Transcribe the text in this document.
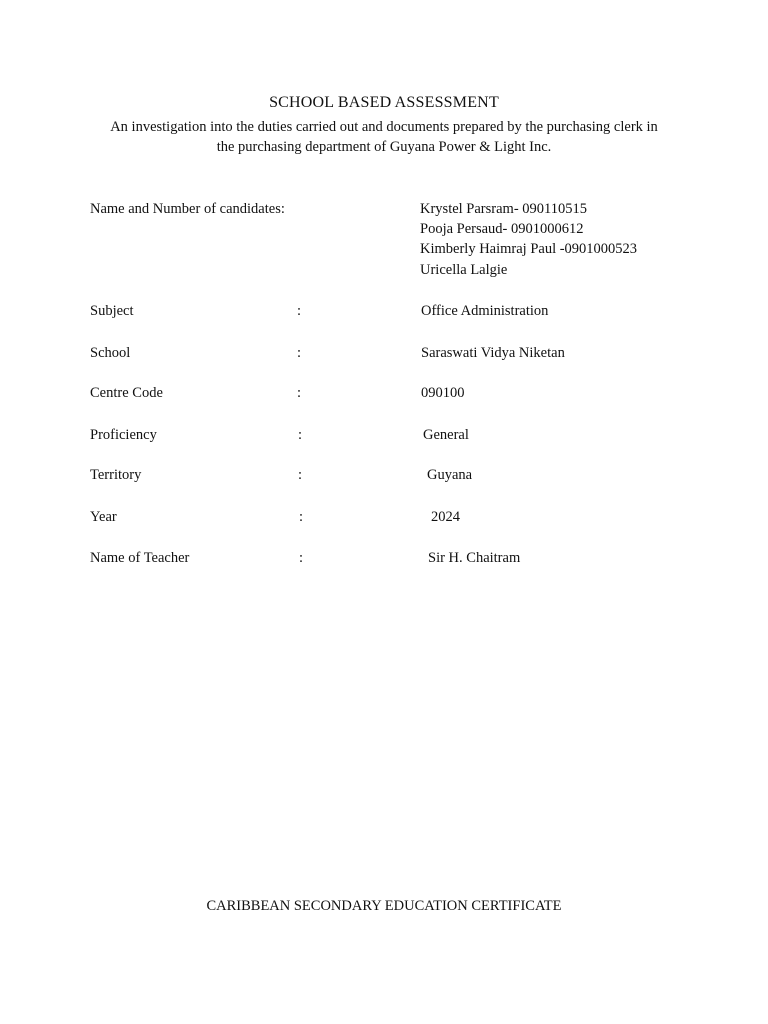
SCHOOL BASED ASSESSMENT
An investigation into the duties carried out and documents prepared by the purchasing clerk in
the purchasing department of Guyana Power & Light Inc.
Name and Number of candidates:	Krystel Parsram- 090110515
Pooja Persaud- 0901000612
Kimberly Haimraj Paul -0901000523
Uricella Lalgie
Subject	:	Office Administration
School	:	Saraswati Vidya Niketan
Centre Code	:	090100
Proficiency	:	General
Territory	:	Guyana
Year	:	2024
Name of Teacher	:	Sir H. Chaitram
CARIBBEAN SECONDARY EDUCATION CERTIFICATE
